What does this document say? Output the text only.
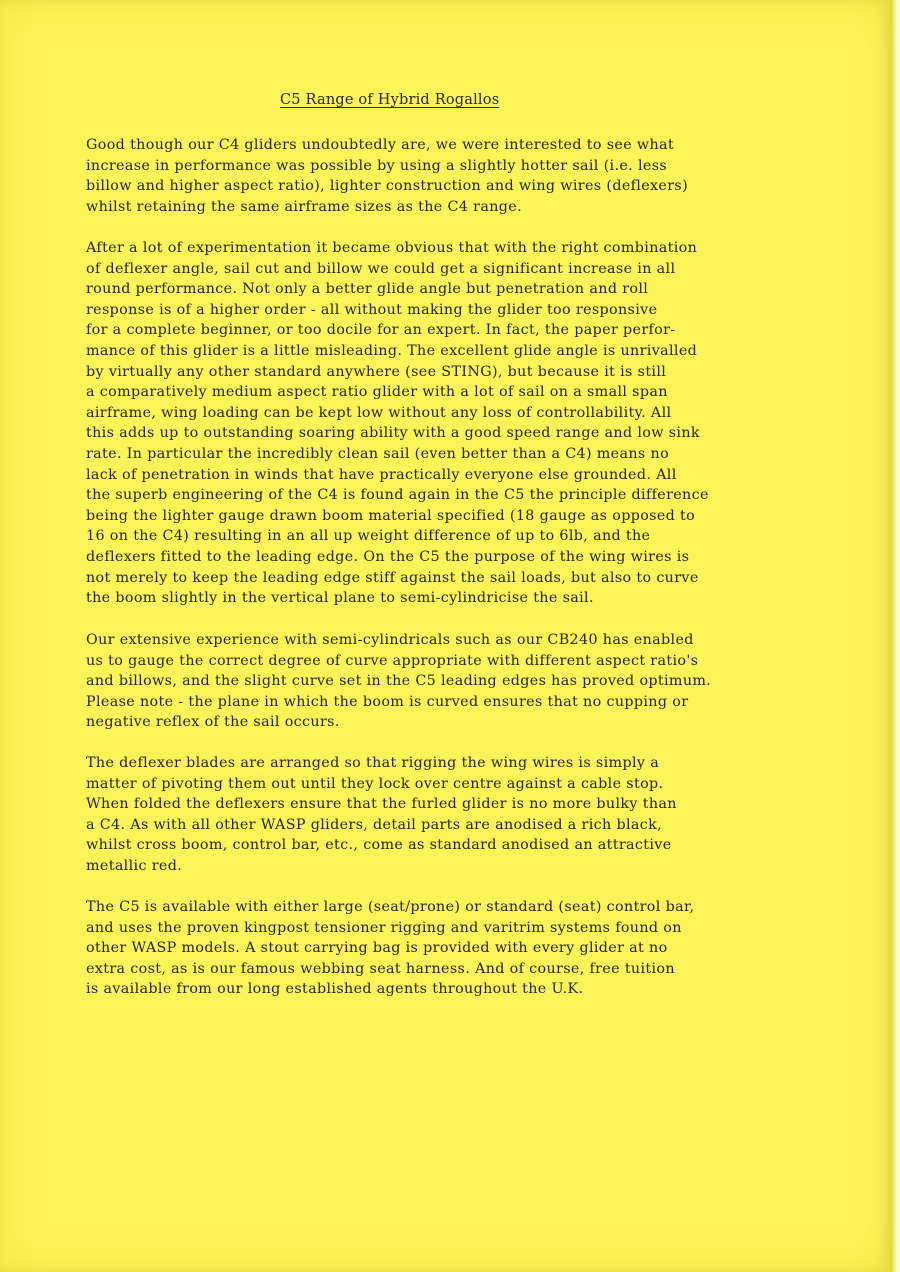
C5 Range of Hybrid Rogallos
Good though our C4 gliders undoubtedly are, we were interested to see what
increase in performance was possible by using a slightly hotter sail (i.e. less
billow and higher aspect ratio), lighter construction and wing wires (deflexers)
whilst retaining the same airframe sizes as the C4 range.
After a lot of experimentation it became obvious that with the right combination
of deflexer angle, sail cut and billow we could get a significant increase in all
round performance. Not only a better glide angle but penetration and roll
response is of a higher order - all without making the glider too responsive
for a complete beginner, or too docile for an expert. In fact, the paper perfor-
mance of this glider is a little misleading. The excellent glide angle is unrivalled
by virtually any other standard anywhere (see STING), but because it is still
a comparatively medium aspect ratio glider with a lot of sail on a small span
airframe, wing loading can be kept low without any loss of controllability. All
this adds up to outstanding soaring ability with a good speed range and low sink
rate. In particular the incredibly clean sail (even better than a C4) means no
lack of penetration in winds that have practically everyone else grounded. All
the superb engineering of the C4 is found again in the C5 the principle difference
being the lighter gauge drawn boom material specified (18 gauge as opposed to
16 on the C4) resulting in an all up weight difference of up to 6lb, and the
deflexers fitted to the leading edge. On the C5 the purpose of the wing wires is
not merely to keep the leading edge stiff against the sail loads, but also to curve
the boom slightly in the vertical plane to semi-cylindricise the sail.
Our extensive experience with semi-cylindricals such as our CB240 has enabled
us to gauge the correct degree of curve appropriate with different aspect ratio's
and billows, and the slight curve set in the C5 leading edges has proved optimum.
Please note - the plane in which the boom is curved ensures that no cupping or
negative reflex of the sail occurs.
The deflexer blades are arranged so that rigging the wing wires is simply a
matter of pivoting them out until they lock over centre against a cable stop.
When folded the deflexers ensure that the furled glider is no more bulky than
a C4. As with all other WASP gliders, detail parts are anodised a rich black,
whilst cross boom, control bar, etc., come as standard anodised an attractive
metallic red.
The C5 is available with either large (seat/prone) or standard (seat) control bar,
and uses the proven kingpost tensioner rigging and varitrim systems found on
other WASP models. A stout carrying bag is provided with every glider at no
extra cost, as is our famous webbing seat harness. And of course, free tuition
is available from our long established agents throughout the U.K.
